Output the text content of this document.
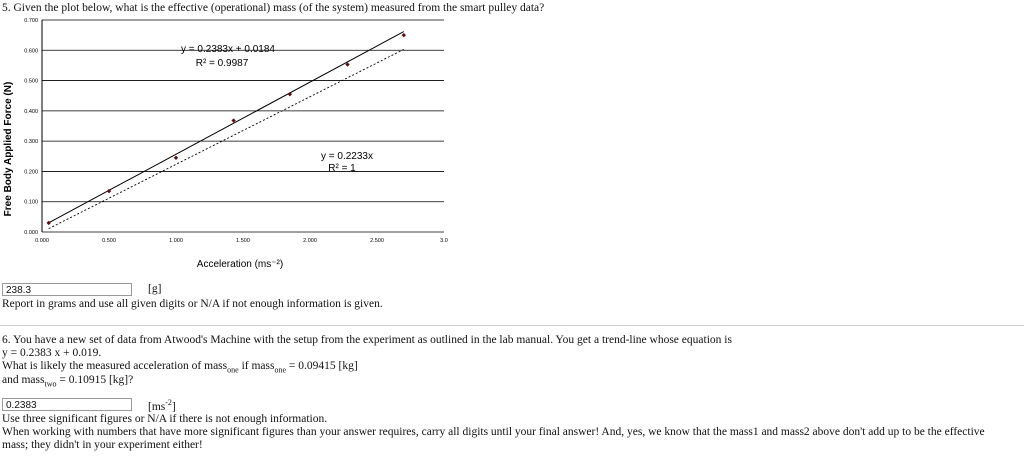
5. Given the plot below, what is the effective (operational) mass (of the system) measured from the smart pulley data?
0.000
0.100
0.200
0.300
0.400
0.500
0.600
0.700
0.000	0.500	1.000	1.500	2.000	2.500	3.0
y = 0.2383x + 0.0184
R² = 0.9987
y = 0.2233x
R² = 1
Acceleration (ms⁻²)
Free Body Applied Force (N)
238.3	[g]
Report in grams and use all given digits or N/A if not enough information is given.
6. You have a new set of data from Atwood's Machine with the setup from the experiment as outlined in the lab manual. You get a trend-line whose equation is
y = 0.2383 x + 0.019.
What is likely the measured acceleration of mass$_{one}$ if mass$_{one}$ = 0.09415 [kg]
and mass$_{two}$ = 0.10915 [kg]?
0.2383	$[ms^{-2}]$
Use three significant figures or N/A if there is not enough information.
When working with numbers that have more significant figures than your answer requires, carry all digits until your final answer! And, yes, we know that the mass1 and mass2 above don't add up to be the effective mass; they didn't in your experiment either!
